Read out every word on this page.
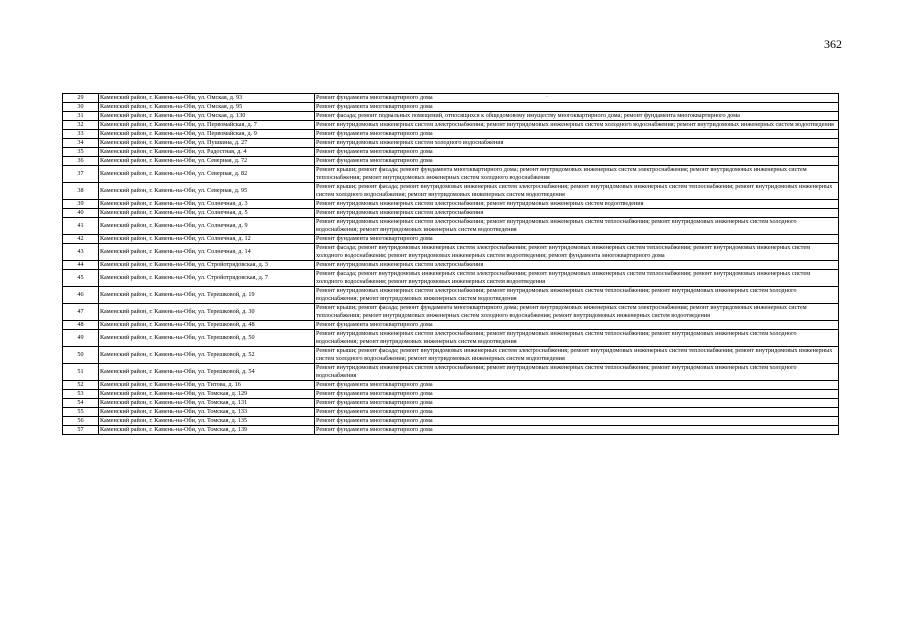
362
˙
29	Каменский район, г. Камень-на-Оби, ул. Омская, д. 93	Ремонт фундамента многоквартирного дома
30	Каменский район, г. Камень-на-Оби, ул. Омская, д. 95	Ремонт фундамента многоквартирного дома
31	Каменский район, г. Камень-на-Оби, ул. Омская, д. 130	Ремонт фасада; ремонт подвальных помещений, относящихся к общедомовому имуществу многоквартирного дома; ремонт фундамента многоквартирного дома
32	Каменский район, г. Камень-на-Оби, ул. Первомайская, д. 7	Ремонт внутридомовых инженерных систем электроснабжения; ремонт внутридомовых инженерных систем холодного водоснабжения; ремонт внутридомовых инженерных систем водоотведения
33	Каменский район, г. Камень-на-Оби, ул. Первомайская, д. 9	Ремонт фундамента многоквартирного дома
34	Каменский район, г. Камень-на-Оби, ул. Пушкина, д. 27	Ремонт внутридомовых инженерных систем холодного водоснабжения
35	Каменский район, г. Камень-на-Оби, ул. Радостная, д. 4	Ремонт фундамента многоквартирного дома
36	Каменский район, г. Камень-на-Оби, ул. Северная, д. 72	Ремонт фундамента многоквартирного дома
37	Каменский район, г. Камень-на-Оби, ул. Северная, д. 82	Ремонт крыши; ремонт фасада; ремонт фундамента многоквартирного дома; ремонт внутридомовых инженерных систем электроснабжения; ремонт внутридомовых инженерных систем теплоснабжения; ремонт внутридомовых инженерных систем холодного водоснабжения
38	Каменский район, г. Камень-на-Оби, ул. Северная, д. 95	Ремонт крыши; ремонт фасада; ремонт внутридомовых инженерных систем электроснабжения; ремонт внутридомовых инженерных систем теплоснабжения; ремонт внутридомовых инженерных систем холодного водоснабжения; ремонт внутридомовых инженерных систем водоотведения
39	Каменский район, г. Камень-на-Оби, ул. Солнечная, д. 3	Ремонт внутридомовых инженерных систем электроснабжения; ремонт внутридомовых инженерных систем водоотведения
40	Каменский район, г. Камень-на-Оби, ул. Солнечная, д. 5	Ремонт внутридомовых инженерных систем электроснабжения
41	Каменский район, г. Камень-на-Оби, ул. Солнечная, д. 9	Ремонт внутридомовых инженерных систем электроснабжения; ремонт внутридомовых инженерных систем теплоснабжения; ремонт внутридомовых инженерных систем холодного водоснабжения; ремонт внутридомовых инженерных систем водоотведения
42	Каменский район, г. Камень-на-Оби, ул. Солнечная, д. 12	Ремонт фундамента многоквартирного дома
43	Каменский район, г. Камень-на-Оби, ул. Солнечная, д. 14	Ремонт фасада; ремонт внутридомовых инженерных систем электроснабжения; ремонт внутридомовых инженерных систем теплоснабжения; ремонт внутридомовых инженерных систем холодного водоснабжения; ремонт внутридомовых инженерных систем водоотведения; ремонт фундамента многоквартирного дома
44	Каменский район, г. Камень-на-Оби, ул. Стройотрядовская, д. 3	Ремонт внутридомовых инженерных систем электроснабжения
45	Каменский район, г. Камень-на-Оби, ул. Стройотрядовская, д. 7	Ремонт фасада; ремонт внутридомовых инженерных систем электроснабжения; ремонт внутридомовых инженерных систем теплоснабжения; ремонт внутридомовых инженерных систем холодного водоснабжения; ремонт внутридомовых инженерных систем водоотведения
46	Каменский район, г. Камень-на-Оби, ул. Терешковой, д. 19	Ремонт внутридомовых инженерных систем электроснабжения; ремонт внутридомовых инженерных систем теплоснабжения; ремонт внутридомовых инженерных систем холодного водоснабжения; ремонт внутридомовых инженерных систем водоотведения
47	Каменский район, г. Камень-на-Оби, ул. Терешковой, д. 30	Ремонт крыши; ремонт фасада; ремонт фундамента многоквартирного дома; ремонт внутридомовых инженерных систем электроснабжения; ремонт внутридомовых инженерных систем теплоснабжения; ремонт внутридомовых инженерных систем холодного водоснабжения; ремонт внутридомовых инженерных систем водоотведения
48	Каменский район, г. Камень-на-Оби, ул. Терешковой, д. 48	Ремонт фундамента многоквартирного дома
49	Каменский район, г. Камень-на-Оби, ул. Терешковой, д. 50	Ремонт внутридомовых инженерных систем электроснабжения; ремонт внутридомовых инженерных систем теплоснабжения; ремонт внутридомовых инженерных систем холодного водоснабжения; ремонт внутридомовых инженерных систем водоотведения
50	Каменский район, г. Камень-на-Оби, ул. Терешковой, д. 52	Ремонт крыши; ремонт фасада; ремонт внутридомовых инженерных систем электроснабжения; ремонт внутридомовых инженерных систем теплоснабжения; ремонт внутридомовых инженерных систем холодного водоснабжения; ремонт внутридомовых инженерных систем водоотведения
51	Каменский район, г. Камень-на-Оби, ул. Терешковой, д. 54	Ремонт внутридомовых инженерных систем электроснабжения; ремонт внутридомовых инженерных систем теплоснабжения; ремонт внутридомовых инженерных систем холодного водоснабжения
52	Каменский район, г. Камень-на-Оби, ул. Титова, д. 16	Ремонт фундамента многоквартирного дома
53	Каменский район, г. Камень-на-Оби, ул. Томская, д. 129	Ремонт фундамента многоквартирного дома
54	Каменский район, г. Камень-на-Оби, ул. Томская, д. 131	Ремонт фундамента многоквартирного дома
55	Каменский район, г. Камень-на-Оби, ул. Томская, д. 133	Ремонт фундамента многоквартирного дома
56	Каменский район, г. Камень-на-Оби, ул. Томская, д. 135	Ремонт фундамента многоквартирного дома
57	Каменский район, г. Камень-на-Оби, ул. Томская, д. 139	Ремонт фундамента многоквартирного дома
